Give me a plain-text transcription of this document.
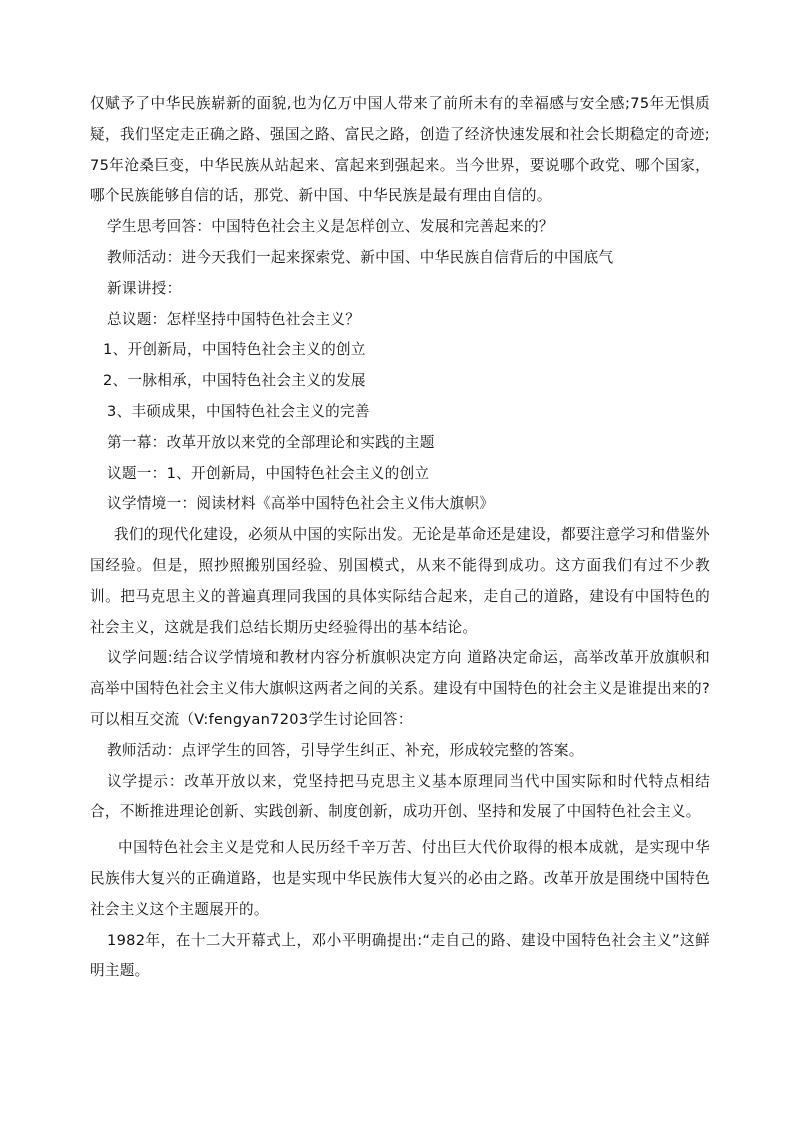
仅赋予了中华民族崭新的面貌,也为亿万中国人带来了前所未有的幸福感与安全感;75年无惧质疑，我们坚定走正确之路、强国之路、富民之路，创造了经济快速发展和社会长期稳定的奇迹;75年沧桑巨变，中华民族从站起来、富起来到强起来。当今世界，要说哪个政党、哪个国家，哪个民族能够自信的话，那党、新中国、中华民族是最有理由自信的。

学生思考回答：中国特色社会主义是怎样创立、发展和完善起来的？

教师活动：进今天我们一起来探索党、新中国、中华民族自信背后的中国底气

新课讲授：

总议题：怎样坚持中国特色社会主义？

1、开创新局，中国特色社会主义的创立

2、一脉相承，中国特色社会主义的发展

3、丰硕成果，中国特色社会主义的完善

第一幕：改革开放以来党的全部理论和实践的主题

议题一：1、开创新局，中国特色社会主义的创立

议学情境一：阅读材料《高举中国特色社会主义伟大旗帜》

我们的现代化建设，必须从中国的实际出发。无论是革命还是建设，都要注意学习和借鉴外国经验。但是，照抄照搬别国经验、别国模式，从来不能得到成功。这方面我们有过不少教训。把马克思主义的普遍真理同我国的具体实际结合起来，走自己的道路，建设有中国特色的社会主义，这就是我们总结长期历史经验得出的基本结论。

议学问题:结合议学情境和教材内容分析旗帜决定方向 道路决定命运，高举改革开放旗帜和高举中国特色社会主义伟大旗帜这两者之间的关系。建设有中国特色的社会主义是谁提出来的?可以相互交流（V:fengyan7203学生讨论回答：

教师活动：点评学生的回答，引导学生纠正、补充，形成较完整的答案。

议学提示：改革开放以来，党坚持把马克思主义基本原理同当代中国实际和时代特点相结合，不断推进理论创新、实践创新、制度创新，成功开创、坚持和发展了中国特色社会主义。

中国特色社会主义是党和人民历经千辛万苦、付出巨大代价取得的根本成就，是实现中华民族伟大复兴的正确道路，也是实现中华民族伟大复兴的必由之路。改革开放是围绕中国特色社会主义这个主题展开的。

1982年，在十二大开幕式上，邓小平明确提出:“走自己的路、建设中国特色社会主义”这鲜明主题。
